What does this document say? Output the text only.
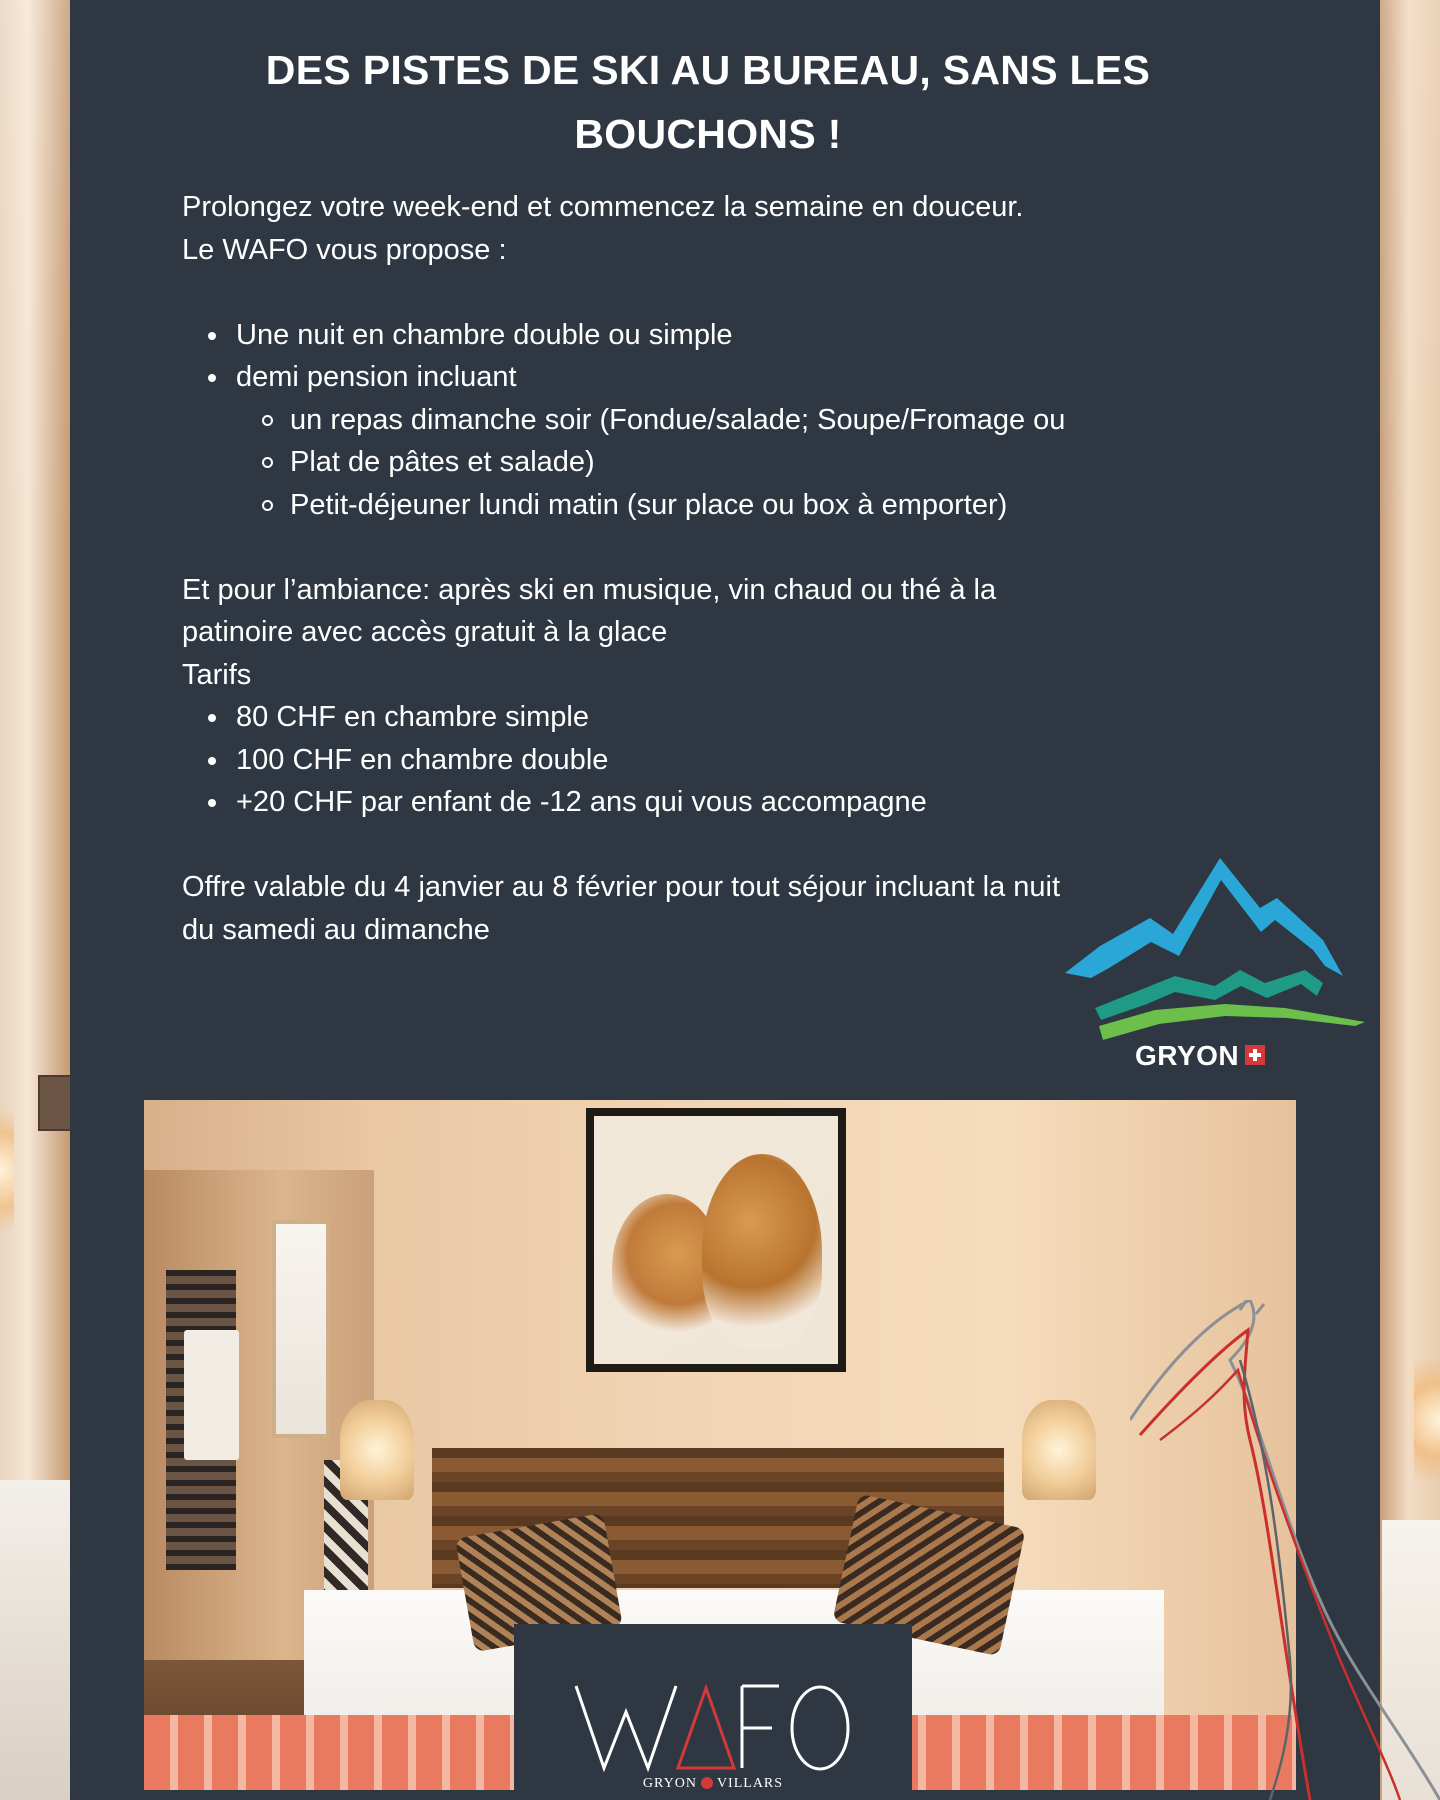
DES PISTES DE SKI AU BUREAU, SANS LES
BOUCHONS !

Prolongez votre week-end et commencez la semaine en douceur.

Le WAFO vous propose :

Une nuit en chambre double ou simple
demi pension incluant
un repas dimanche soir (Fondue/salade; Soupe/Fromage ou
Plat de pâtes et salade)
Petit-déjeuner lundi matin (sur place ou box à emporter)

Et pour l’ambiance: après ski en musique, vin chaud ou thé à la

patinoire avec accès gratuit à la glace

Tarifs

80 CHF en chambre simple
100 CHF en chambre double
+20 CHF par enfant de -12 ans qui vous accompagne

Offre valable du 4 janvier au 8 février pour tout séjour incluant la nuit

du samedi au dimanche

GRYON
GRYON VILLARS
